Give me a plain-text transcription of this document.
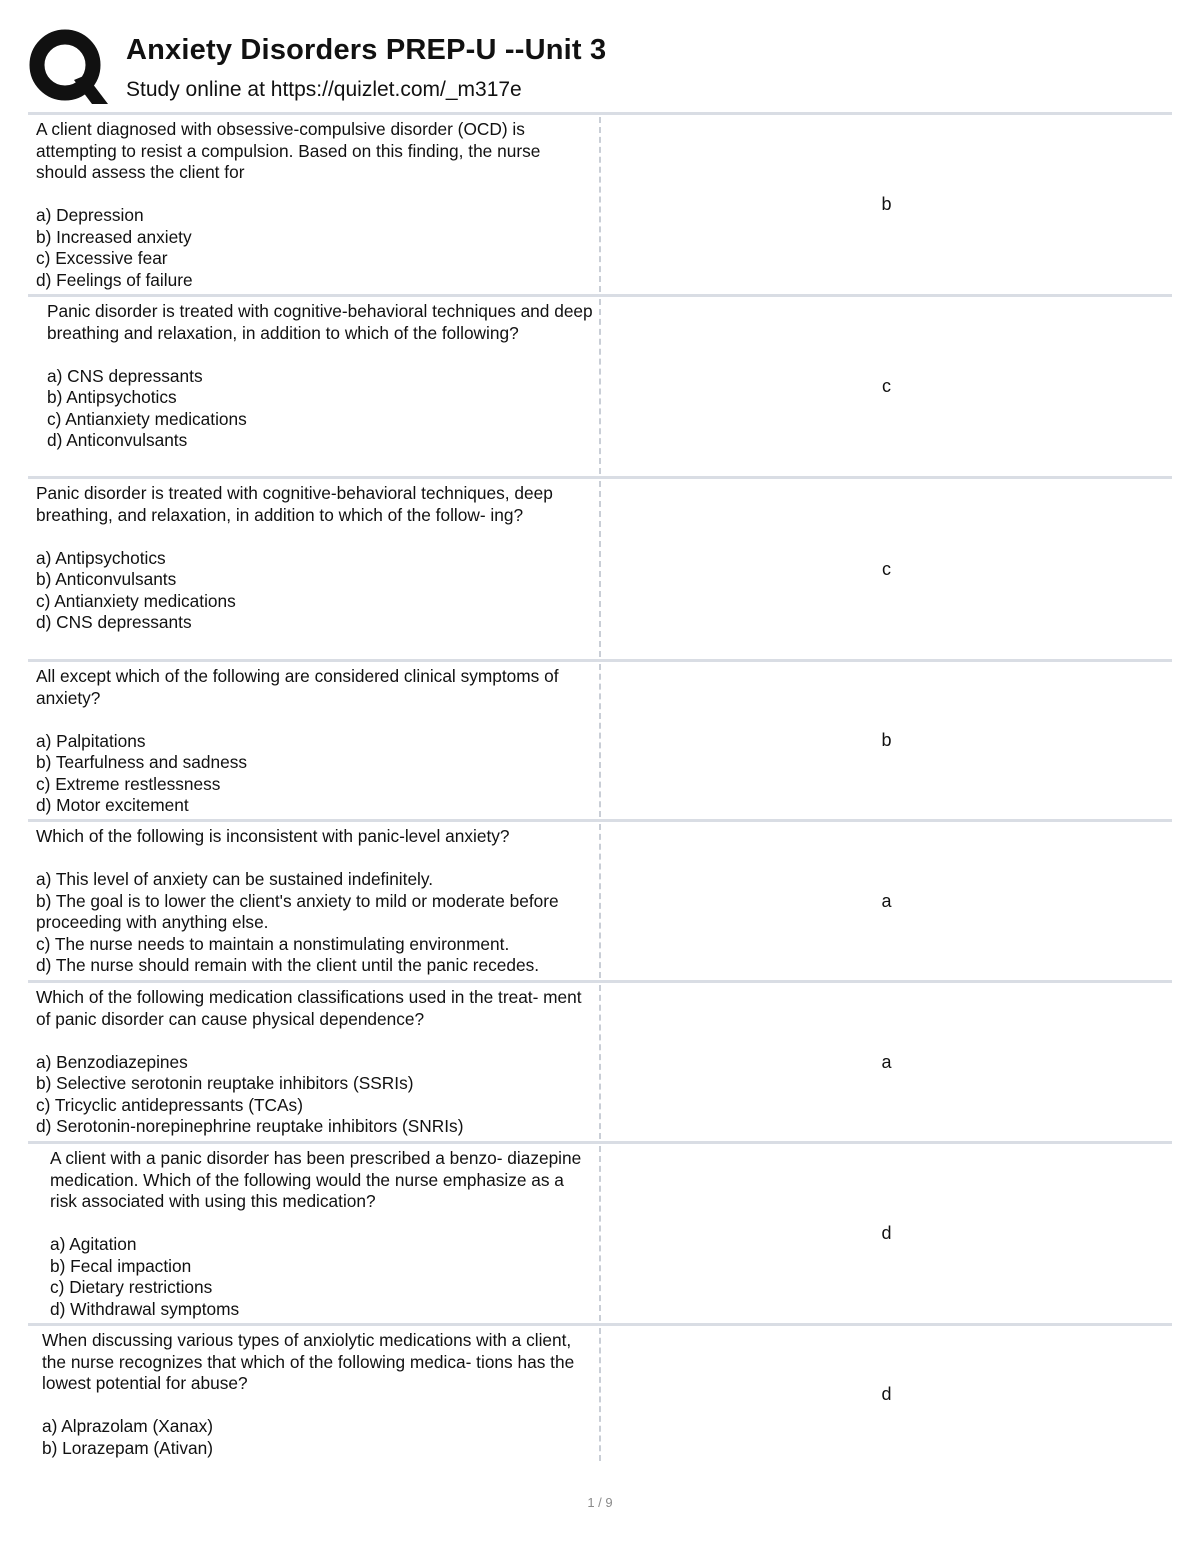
Anxiety Disorders PREP-U --Unit 3
Study online at https://quizlet.com/_m317e
A client diagnosed with obsessive-compulsive disorder (OCD) is attempting to resist a compulsion. Based on this finding, the nurse should assess the client for

a) Depression
b) Increased anxiety
c) Excessive fear
d) Feelings of failure
b
Panic disorder is treated with cognitive-behavioral techniques and deep breathing and relaxation, in addition to which of the following?

a) CNS depressants
b) Antipsychotics
c) Antianxiety medications
d) Anticonvulsants
c
Panic disorder is treated with cognitive-behavioral techniques, deep breathing, and relaxation, in addition to which of the follow- ing?

a) Antipsychotics
b) Anticonvulsants
c) Antianxiety medications
d) CNS depressants
c
All except which of the following are considered clinical symptoms of anxiety?

a) Palpitations
b) Tearfulness and sadness
c) Extreme restlessness
d) Motor excitement
b
Which of the following is inconsistent with panic-level anxiety?

a) This level of anxiety can be sustained indefinitely.
b) The goal is to lower the client's anxiety to mild or moderate before proceeding with anything else.
c) The nurse needs to maintain a nonstimulating environment.
d) The nurse should remain with the client until the panic recedes.
a
Which of the following medication classifications used in the treat- ment of panic disorder can cause physical dependence?

a) Benzodiazepines
b) Selective serotonin reuptake inhibitors (SSRIs)
c) Tricyclic antidepressants (TCAs)
d) Serotonin-norepinephrine reuptake inhibitors (SNRIs)
a
A client with a panic disorder has been prescribed a benzo- diazepine medication. Which of the following would the nurse emphasize as a risk associated with using this medication?

a) Agitation
b) Fecal impaction
c) Dietary restrictions
d) Withdrawal symptoms
d
When discussing various types of anxiolytic medications with a client, the nurse recognizes that which of the following medica- tions has the lowest potential for abuse?

a) Alprazolam (Xanax)
b) Lorazepam (Ativan)
d
1 / 9
